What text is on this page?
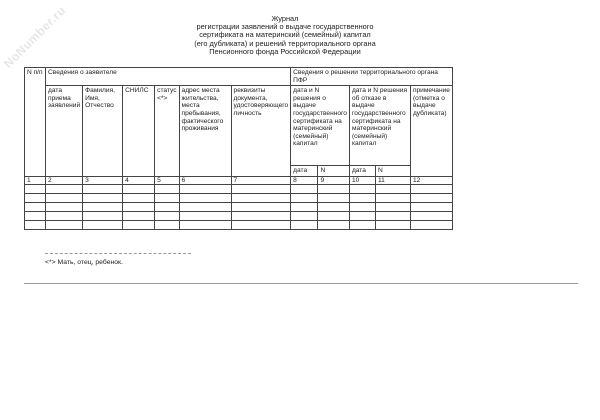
NoNumber.ru	Журнал
регистрации заявлений о выдаче государственного
сертификата на материнский (семейный) капитал
(его дубликата) и решений территориального органа
Пенсионного фонда Российской Федерации
N п/п	Сведения о заявителе						Сведения о решении территориального органа ПФР				
	дата приема заявлений	Фамилия, Имя, Отчество	СНИЛС	статус <*>	адрес места жительства, места пребывания, фактического проживания	реквизиты документа, удостоверяющего личность	дата и N решения о выдаче государственного сертификата на материнский (семейный) капитал		дата и N решения об отказе в выдаче государственного сертификата на материнский (семейный) капитал		примечание (отметка о выдаче дубликата)
							дата	N	дата	N	
1	2	3	4	5	6	7	8	9	10	11	12

<*> Мать, отец, ребенок.
